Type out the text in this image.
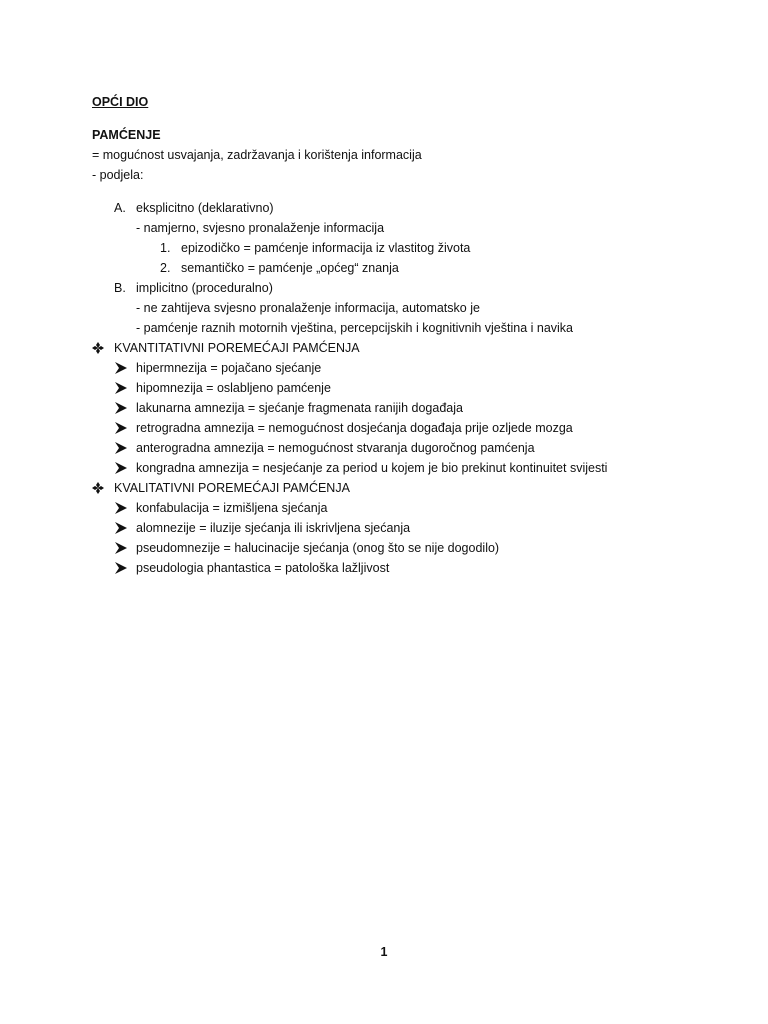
OPĆI DIO
PAMĆENJE
= mogućnost usvajanja, zadržavanja i korištenja informacija
- podjela:
A. eksplicitno (deklarativno)
- namjerno, svjesno pronalaženje informacija
1. epizodičko = pamćenje informacija iz vlastitog života
2. semantičko = pamćenje „općeg“ znanja
B. implicitno (proceduralno)
- ne zahtijeva svjesno pronalaženje informacija, automatsko je
- pamćenje raznih motornih vještina, percepcijskih i kognitivnih vještina i navika
KVANTITATIVNI POREMEĆAJI PAMĆENJA
hipermnezija = pojačano sjećanje
hipomnezija = oslabljeno pamćenje
lakunarna amnezija = sjećanje fragmenata ranijih događaja
retrogradna amnezija = nemogućnost dosjećanja događaja prije ozljede mozga
anterogradna amnezija = nemogućnost stvaranja dugoročnog pamćenja
kongradna amnezija = nesjećanje za period u kojem je bio prekinut kontinuitet svijesti
KVALITATIVNI POREMEĆAJI PAMĆENJA
konfabulacija = izmišljena sjećanja
alomnezije = iluzije sjećanja ili iskrivljena sjećanja
pseudomnezije = halucinacije sjećanja (onog što se nije dogodilo)
pseudologia phantastica = patološka lažljivost
1
